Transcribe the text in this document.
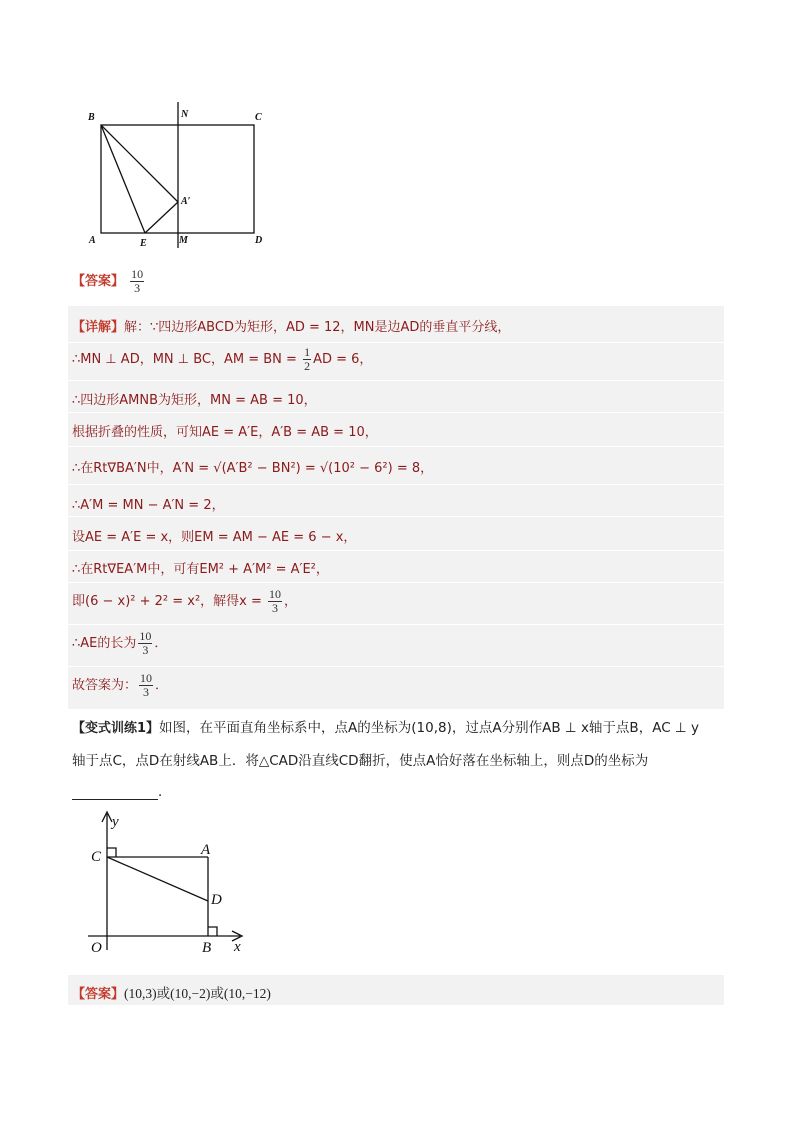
B	N	C
A′
A	E	M	D
【答案】 $\frac{10}{3}$
【详解】解：∵四边形ABCD为矩形，AD = 12，MN是边AD的垂直平分线，
∴MN ⊥ AD，MN ⊥ BC，AM = BN = $\frac{1}{2}$ AD = 6，
∴四边形AMNB为矩形，MN = AB = 10，
根据折叠的性质，可知AE = A′E，A′B = AB = 10，
∴在Rt∇BA′N中，A′N = √(A′B² − BN²) = √(10² − 6²) = 8，
∴A′M = MN − A′N = 2，
设AE = A′E = x，则EM = AM − AE = 6 − x，
∴在Rt∇EA′M中，可有EM² + A′M² = A′E²，
即(6 − x)² + 2² = x²，解得$x = \frac{10}{3}$ ，
∴AE的长为 $\frac{10}{3}$ ．
故答案为： $\frac{10}{3}$ ．
【变式训练1】如图，在平面直角坐标系中，点A的坐标为(10,8)，过点A分别作AB ⊥ x轴于点B，AC ⊥ y
轴于点C，点D在射线AB上．将△CAD沿直线CD翻折，使点A恰好落在坐标轴上，则点D的坐标为
．
y
C	A
D
O	B x
【答案】(10,3)或(10,−2)或(10,−12)
